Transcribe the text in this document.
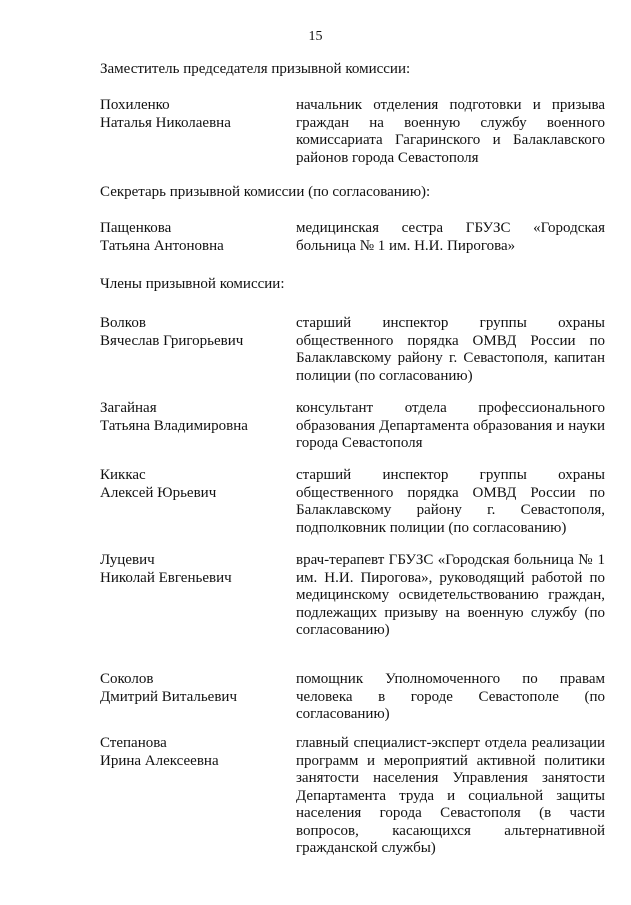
15
Заместитель председателя призывной комиссии:
Похиленко
Наталья Николаевна
начальник отделения подготовки и призыва граждан на военную службу военного комиссариата Гагаринского и Балаклавского районов города Севастополя
Секретарь призывной комиссии (по согласованию):
Пащенкова
Татьяна Антоновна
медицинская сестра ГБУЗС «Городская больница № 1 им. Н.И. Пирогова»
Члены призывной комиссии:
Волков
Вячеслав Григорьевич
старший инспектор группы охраны общественного порядка ОМВД России по Балаклавскому району г. Севастополя, капитан полиции (по согласованию)
Загайная
Татьяна Владимировна
консультант отдела профессионального образования Департамента образования и науки города Севастополя
Киккас
Алексей Юрьевич
старший инспектор группы охраны общественного порядка ОМВД России по Балаклавскому району г. Севастополя, подполковник полиции (по согласованию)
Луцевич
Николай Евгеньевич
врач-терапевт ГБУЗС «Городская больница № 1 им. Н.И. Пирогова», руководящий работой по медицинскому освидетельствованию граждан, подлежащих призыву на военную службу (по согласованию)
Соколов
Дмитрий Витальевич
помощник Уполномоченного по правам человека в городе Севастополе (по согласованию)
Степанова
Ирина Алексеевна
главный специалист-эксперт отдела реализации программ и мероприятий активной политики занятости населения Управления занятости Департамента труда и социальной защиты населения города Севастополя (в части вопросов, касающихся альтернативной гражданской службы)
